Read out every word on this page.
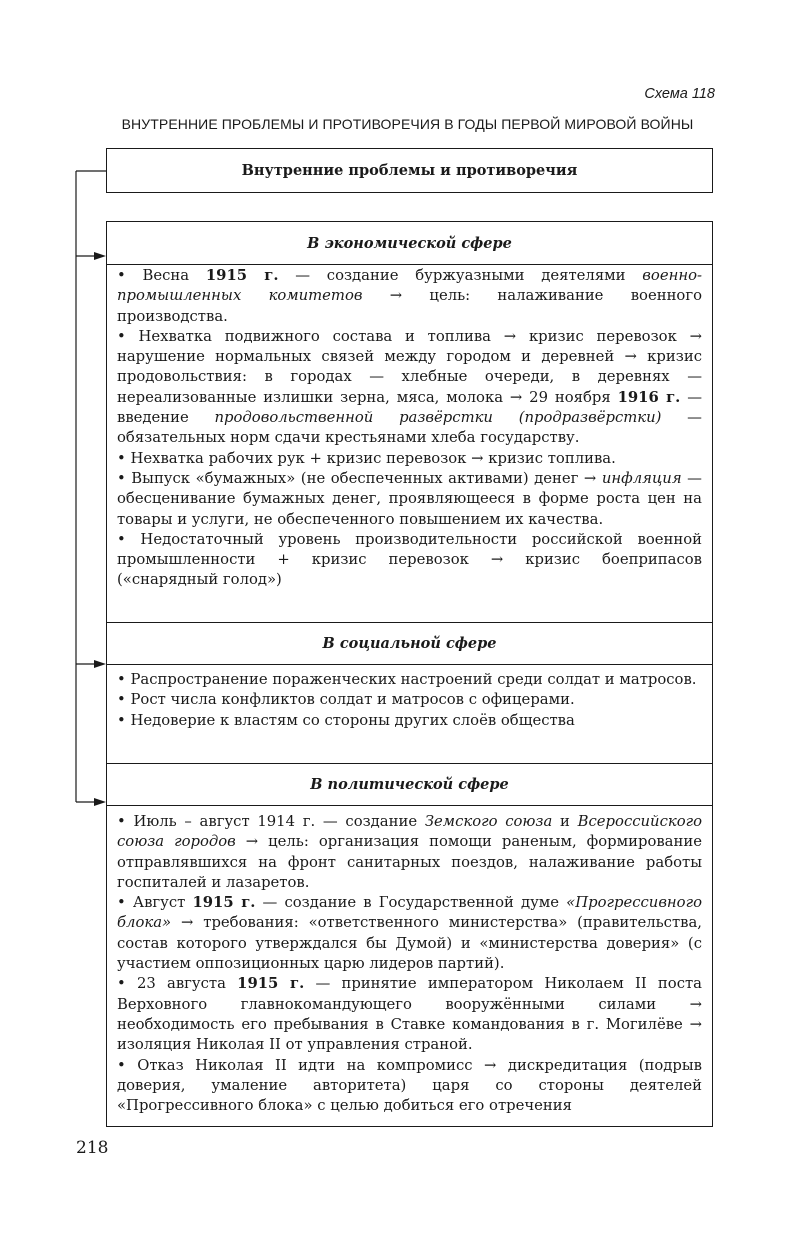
Схема 118
ВНУТРЕННИЕ ПРОБЛЕМЫ И ПРОТИВОРЕЧИЯ В ГОДЫ ПЕРВОЙ МИРОВОЙ ВОЙНЫ
Внутренние проблемы и противоречия
В экономической сфере

• Весна 1915 г. — создание буржуазными деятелями военно-промышленных комитетов → цель: налаживание военного производства.

• Нехватка подвижного состава и топлива → кризис перевозок → нарушение нормальных связей между городом и деревней → кризис продовольствия: в городах — хлебные очереди, в деревнях — нереализованные излишки зерна, мяса, молока → 29 ноября 1916 г. — введение продовольственной развёрстки (продразвёрстки) — обязательных норм сдачи крестьянами хлеба государству.

• Нехватка рабочих рук + кризис перевозок → кризис топлива.

• Выпуск «бумажных» (не обеспеченных активами) денег → инфляция — обесценивание бумажных денег, проявляющееся в форме роста цен на товары и услуги, не обеспеченного повышением их качества.

• Недостаточный уровень производительности российской военной промышленности + кризис перевозок → кризис боеприпасов («снарядный голод»)

В социальной сфере

• Распространение пораженческих настроений среди солдат и матросов.

• Рост числа конфликтов солдат и матросов с офицерами.

• Недоверие к властям со стороны других слоёв общества

В политической сфере

• Июль – август 1914 г. — создание Земского союза и Всероссийского союза городов → цель: организация помощи раненым, формирование отправлявшихся на фронт санитарных поездов, налаживание работы госпиталей и лазаретов.

• Август 1915 г. — создание в Государственной думе «Прогрессивного блока» → требования: «ответственного министерства» (правительства, состав которого утверждался бы Думой) и «министерства доверия» (с участием оппозиционных царю лидеров партий).

• 23 августа 1915 г. — принятие императором Николаем II поста Верховного главнокомандующего вооружёнными силами → необходимость его пребывания в Ставке командования в г. Могилёве → изоляция Николая II от управления страной.

• Отказ Николая II идти на компромисс → дискредитация (подрыв доверия, умаление авторитета) царя со стороны деятелей «Прогрессивного блока» с целью добиться его отречения

218
